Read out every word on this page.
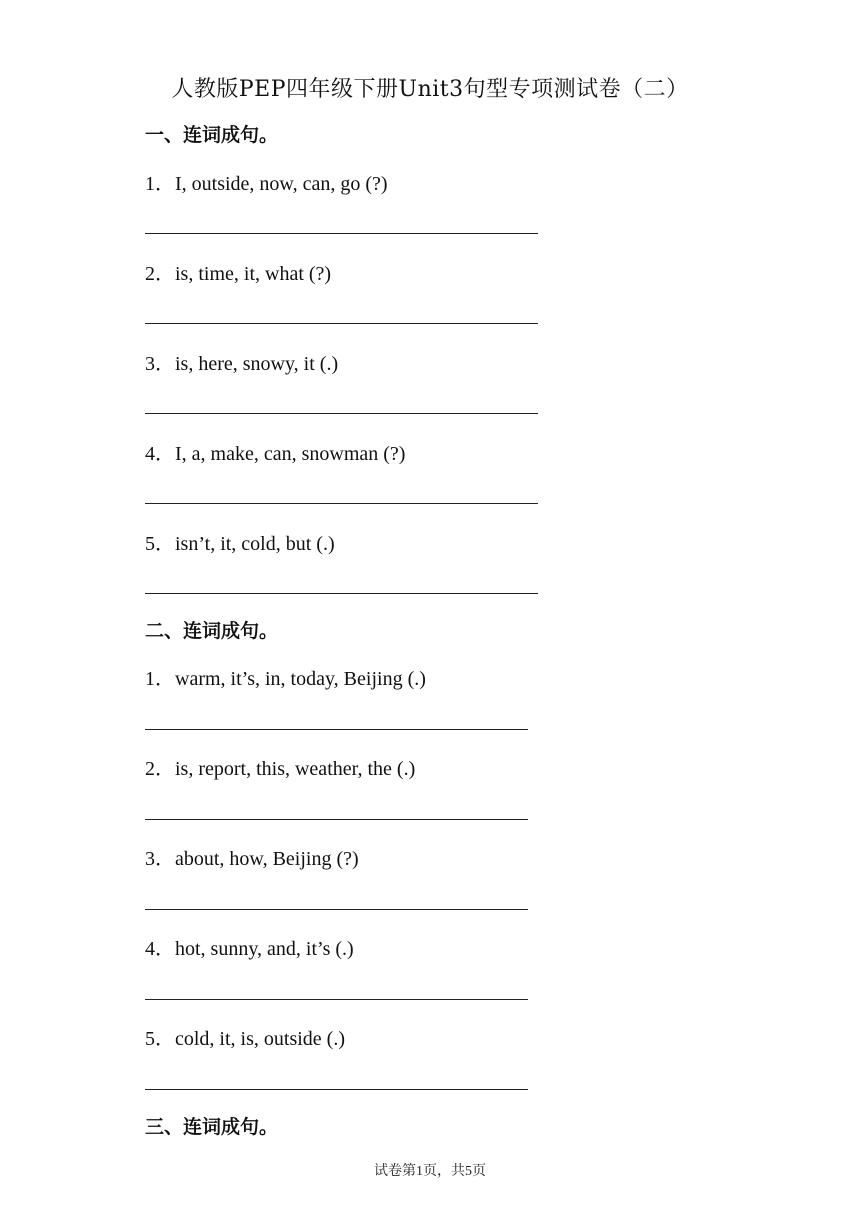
人教版PEP四年级下册Unit3句型专项测试卷（二）
一、连词成句。
1．I, outside, now, can, go (?)
2．is, time, it, what (?)
3．is, here, snowy, it (.)
4．I, a, make, can, snowman (?)
5．isn’t, it, cold, but (.)
二、连词成句。
1．warm, it’s, in, today, Beijing (.)
2．is, report, this, weather, the (.)
3．about, how, Beijing (?)
4．hot, sunny, and, it’s (.)
5．cold, it, is, outside (.)
三、连词成句。
试卷第1页，共5页
